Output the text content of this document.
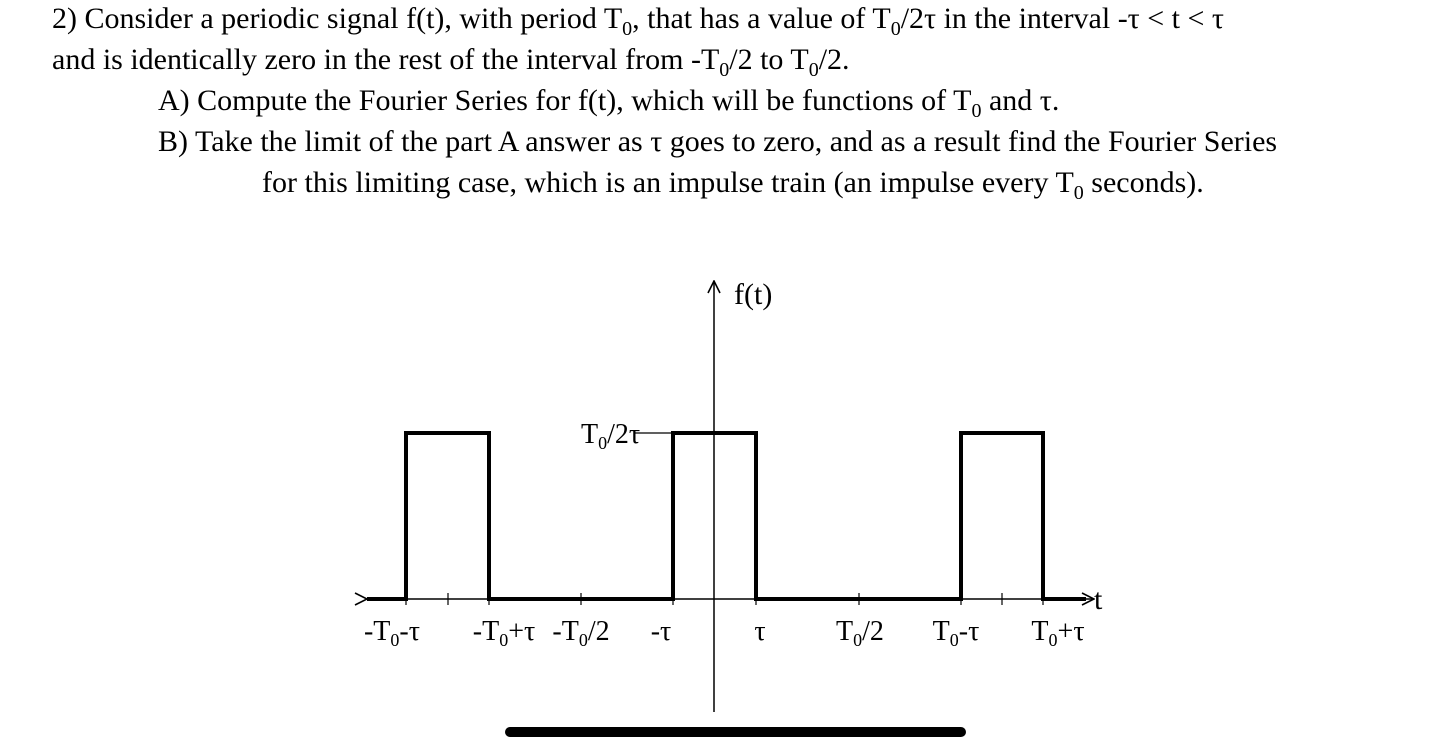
2) Consider a periodic signal f(t), with period $T_0$, that has a value of $T_0/2\tau$ in the interval -τ < t < τ
and is identically zero in the rest of the interval from $-T_0/2$ to $T_0/2$.
A) Compute the Fourier Series for f(t), which will be functions of $T_0$ and τ.
B) Take the limit of the part A answer as τ goes to zero, and as a result find the Fourier Series
for this limiting case, which is an impulse train (an impulse every $T_0$ seconds).
f(t)
t
$T_0/2\tau$
$-T_0-\tau$ $-T_0+\tau$ $-T_0/2$ -τ	τ	$T_0/2$ $T_0-\tau$ $T_0+\tau$
